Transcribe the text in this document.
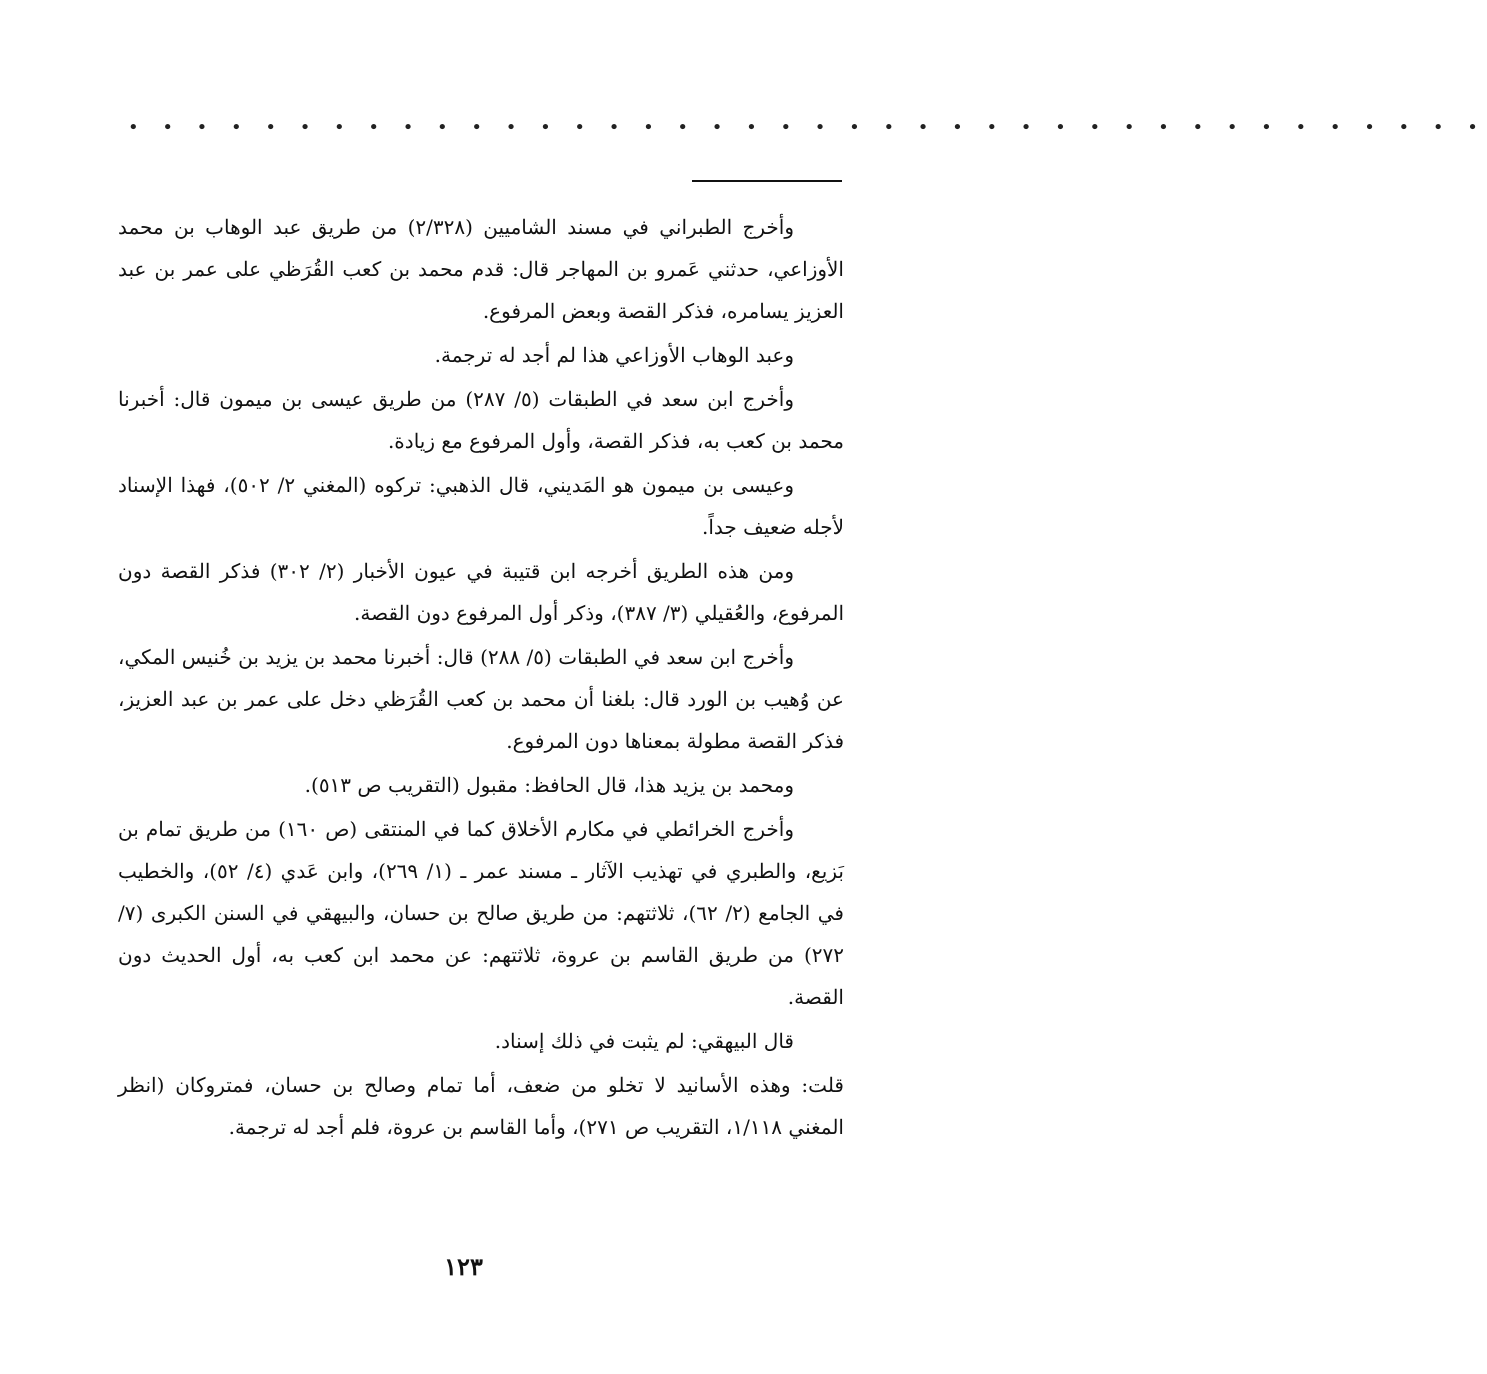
• • • • • • • • • • • • • • • • • • • • • • • • • • • • • • • • • • • • • • • •

وأخرج الطبراني في مسند الشاميين (٢/٣٢٨) من طريق عبد الوهاب بن محمد الأوزاعي، حدثني عَمرو بن المهاجر قال: قدم محمد بن كعب القُرَظي على عمر بن عبد العزيز يسامره، فذكر القصة وبعض المرفوع.

وعبد الوهاب الأوزاعي هذا لم أجد له ترجمة.

وأخرج ابن سعد في الطبقات (٥/ ٢٨٧) من طريق عيسى بن ميمون قال: أخبرنا محمد بن كعب به، فذكر القصة، وأول المرفوع مع زيادة.

وعيسى بن ميمون هو المَديني، قال الذهبي: تركوه (المغني ٢/ ٥٠٢)، فهذا الإسناد لأجله ضعيف جداً.

ومن هذه الطريق أخرجه ابن قتيبة في عيون الأخبار (٢/ ٣٠٢) فذكر القصة دون المرفوع، والعُقيلي (٣/ ٣٨٧)، وذكر أول المرفوع دون القصة.

وأخرج ابن سعد في الطبقات (٥/ ٢٨٨) قال: أخبرنا محمد بن يزيد بن خُنيس المكي، عن وُهيب بن الورد قال: بلغنا أن محمد بن كعب القُرَظي دخل على عمر بن عبد العزيز، فذكر القصة مطولة بمعناها دون المرفوع.

ومحمد بن يزيد هذا، قال الحافظ: مقبول (التقريب ص ٥١٣).

وأخرج الخرائطي في مكارم الأخلاق كما في المنتقى (ص ١٦٠) من طريق تمام بن بَزيع، والطبري في تهذيب الآثار ـ مسند عمر ـ (١/ ٢٦٩)، وابن عَدي (٤/ ٥٢)، والخطيب في الجامع (٢/ ٦٢)، ثلاثتهم: من طريق صالح بن حسان، والبيهقي في السنن الكبرى (٧/ ٢٧٢) من طريق القاسم بن عروة، ثلاثتهم: عن محمد ابن كعب به، أول الحديث دون القصة.

قال البيهقي: لم يثبت في ذلك إسناد.

قلت: وهذه الأسانيد لا تخلو من ضعف، أما تمام وصالح بن حسان، فمتروكان (انظر المغني ١/١١٨، التقريب ص ٢٧١)، وأما القاسم بن عروة، فلم أجد له ترجمة.

١٢٣
